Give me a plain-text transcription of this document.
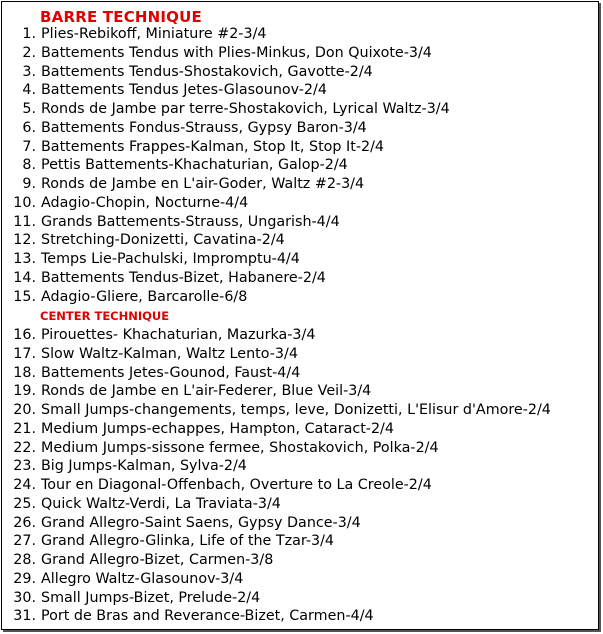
BARRE TECHNIQUE
1. Plies-Rebikoff, Miniature #2-3/4
2. Battements Tendus with Plies-Minkus, Don Quixote-3/4
3. Battements Tendus-Shostakovich, Gavotte-2/4
4. Battements Tendus Jetes-Glasounov-2/4
5. Ronds de Jambe par terre-Shostakovich, Lyrical Waltz-3/4
6. Battements Fondus-Strauss, Gypsy Baron-3/4
7. Battements Frappes-Kalman, Stop It, Stop It-2/4
8. Pettis Battements-Khachaturian, Galop-2/4
9. Ronds de Jambe en L'air-Goder, Waltz #2-3/4
10. Adagio-Chopin, Nocturne-4/4
11. Grands Battements-Strauss, Ungarish-4/4
12. Stretching-Donizetti, Cavatina-2/4
13. Temps Lie-Pachulski, Impromptu-4/4
14. Battements Tendus-Bizet, Habanere-2/4
15. Adagio-Gliere, Barcarolle-6/8
CENTER TECHNIQUE
16. Pirouettes- Khachaturian, Mazurka-3/4
17. Slow Waltz-Kalman, Waltz Lento-3/4
18. Battements Jetes-Gounod, Faust-4/4
19. Ronds de Jambe en L'air-Federer, Blue Veil-3/4
20. Small Jumps-changements, temps, leve, Donizetti, L'Elisur d'Amore-2/4
21. Medium Jumps-echappes, Hampton, Cataract-2/4
22. Medium Jumps-sissone fermee, Shostakovich, Polka-2/4
23. Big Jumps-Kalman, Sylva-2/4
24. Tour en Diagonal-Offenbach, Overture to La Creole-2/4
25. Quick Waltz-Verdi, La Traviata-3/4
26. Grand Allegro-Saint Saens, Gypsy Dance-3/4
27. Grand Allegro-Glinka, Life of the Tzar-3/4
28. Grand Allegro-Bizet, Carmen-3/8
29. Allegro Waltz-Glasounov-3/4
30. Small Jumps-Bizet, Prelude-2/4
31. Port de Bras and Reverance-Bizet, Carmen-4/4
